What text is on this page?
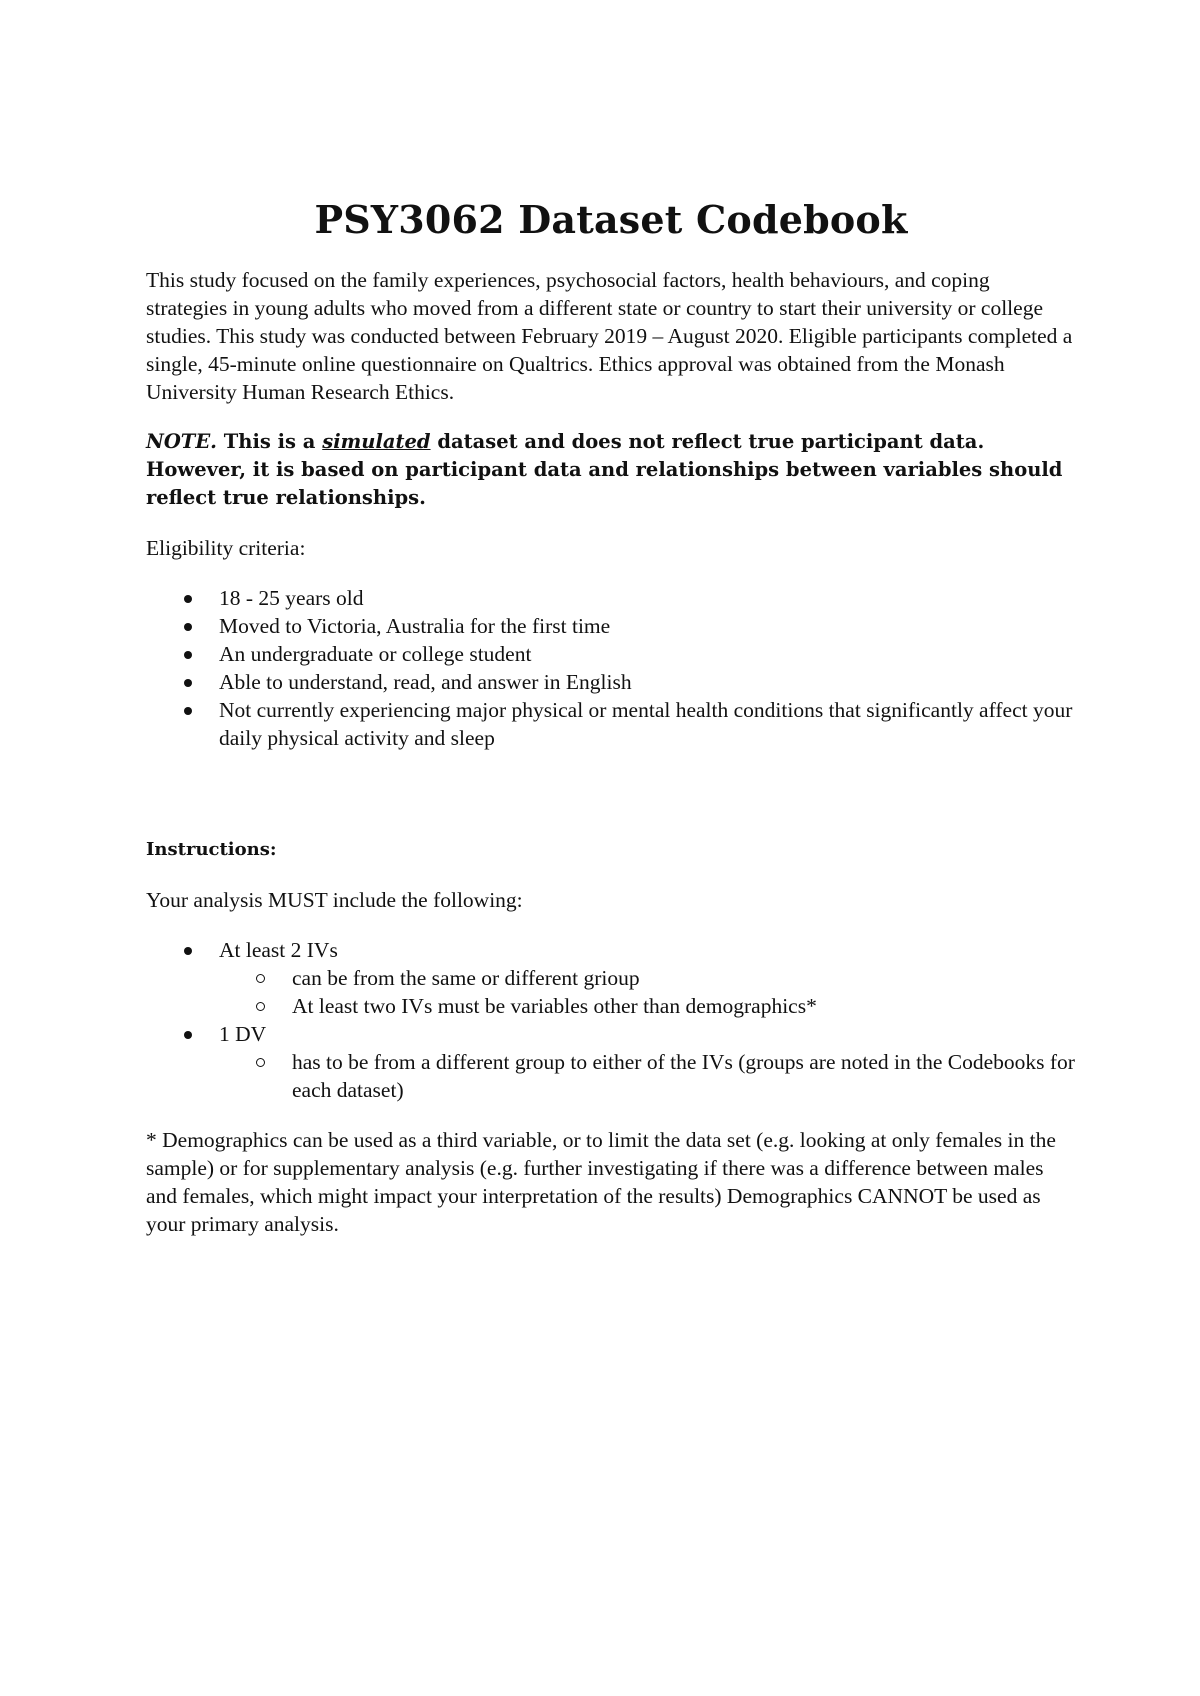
PSY3062 Dataset Codebook

This study focused on the family experiences, psychosocial factors, health behaviours, and coping strategies in young adults who moved from a different state or country to start their university or college studies. This study was conducted between February 2019 – August 2020. Eligible participants completed a single, 45-minute online questionnaire on Qualtrics. Ethics approval was obtained from the Monash University Human Research Ethics.

NOTE. This is a simulated dataset and does not reflect true participant data. However, it is based on participant data and relationships between variables should reflect true relationships.

Eligibility criteria:

18 - 25 years old
Moved to Victoria, Australia for the first time
An undergraduate or college student
Able to understand, read, and answer in English
Not currently experiencing major physical or mental health conditions that significantly affect your daily physical activity and sleep

Instructions:

Your analysis MUST include the following:

At least 2 IVs
can be from the same or different grioup
At least two IVs must be variables other than demographics*
1 DV
has to be from a different group to either of the IVs (groups are noted in the Codebooks for each dataset)

* Demographics can be used as a third variable, or to limit the data set (e.g. looking at only females in the sample) or for supplementary analysis (e.g. further investigating if there was a difference between males and females, which might impact your interpretation of the results) Demographics CANNOT be used as your primary analysis.
